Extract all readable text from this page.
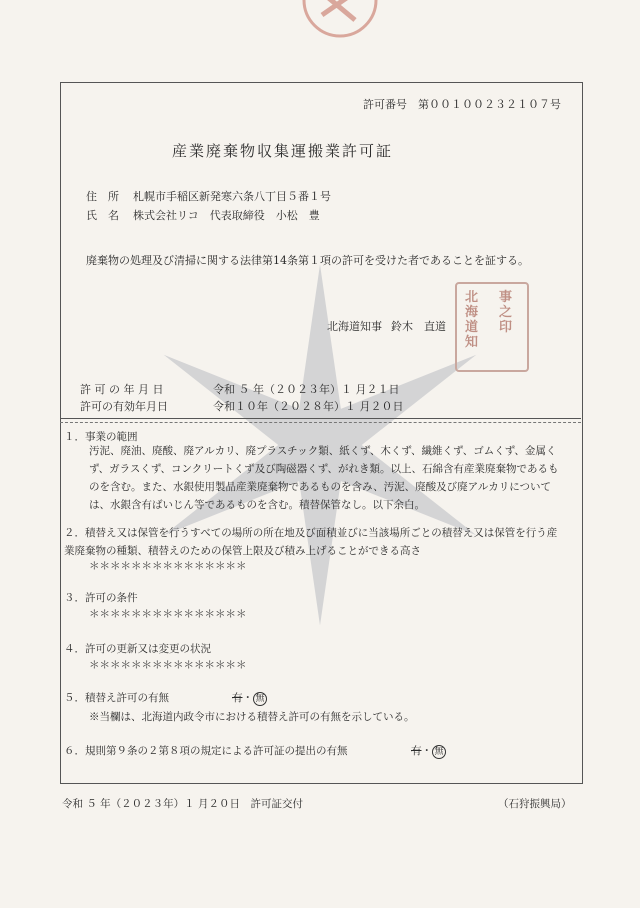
許可番号　第００１００２３２１０７号
産業廃棄物収集運搬業許可証
住　所 札幌市手稲区新発寒六条八丁目５番１号
氏　名 株式会社リコ　代表取締役　小松　豊
廃棄物の処理及び清掃に関する法律第14条第１項の許可を受けた者であることを証する。
北海道知事 鈴木　直道
北海道知
事之印
許 可 の 年 月 日	令和 ５ 年（２０２３年）１ 月２１日
許可の有効年月日	令和１０年（２０２８年）１ 月２０日
１．事業の範囲
汚泥、廃油、廃酸、廃アルカリ、廃プラスチック類、紙くず、木くず、繊維くず、ゴムくず、金属くず、ガラスくず、コンクリートくず及び陶磁器くず、がれき類。以上、石綿含有産業廃棄物であるものを含む。また、水銀使用製品産業廃棄物であるものを含み、汚泥、廃酸及び廃アルカリについては、水銀含有ばいじん等であるものを含む。積替保管なし。以下余白。
２．積替え又は保管を行うすべての場所の所在地及び面積並びに当該場所ごとの積替え又は保管を行う産業廃棄物の種類、積替えのための保管上限及び積み上げることができる高さ
＊＊＊＊＊＊＊＊＊＊＊＊＊＊＊
３．許可の条件
＊＊＊＊＊＊＊＊＊＊＊＊＊＊＊
４．許可の更新又は変更の状況
＊＊＊＊＊＊＊＊＊＊＊＊＊＊＊
５．積替え許可の有無	有・ 無
※当欄は、北海道内政令市における積替え許可の有無を示している。
６．規則第９条の２第８項の規定による許可証の提出の有無	有・ 無
令和 ５ 年（２０２３年）１ 月２０日　許可証交付	（石狩振興局）
